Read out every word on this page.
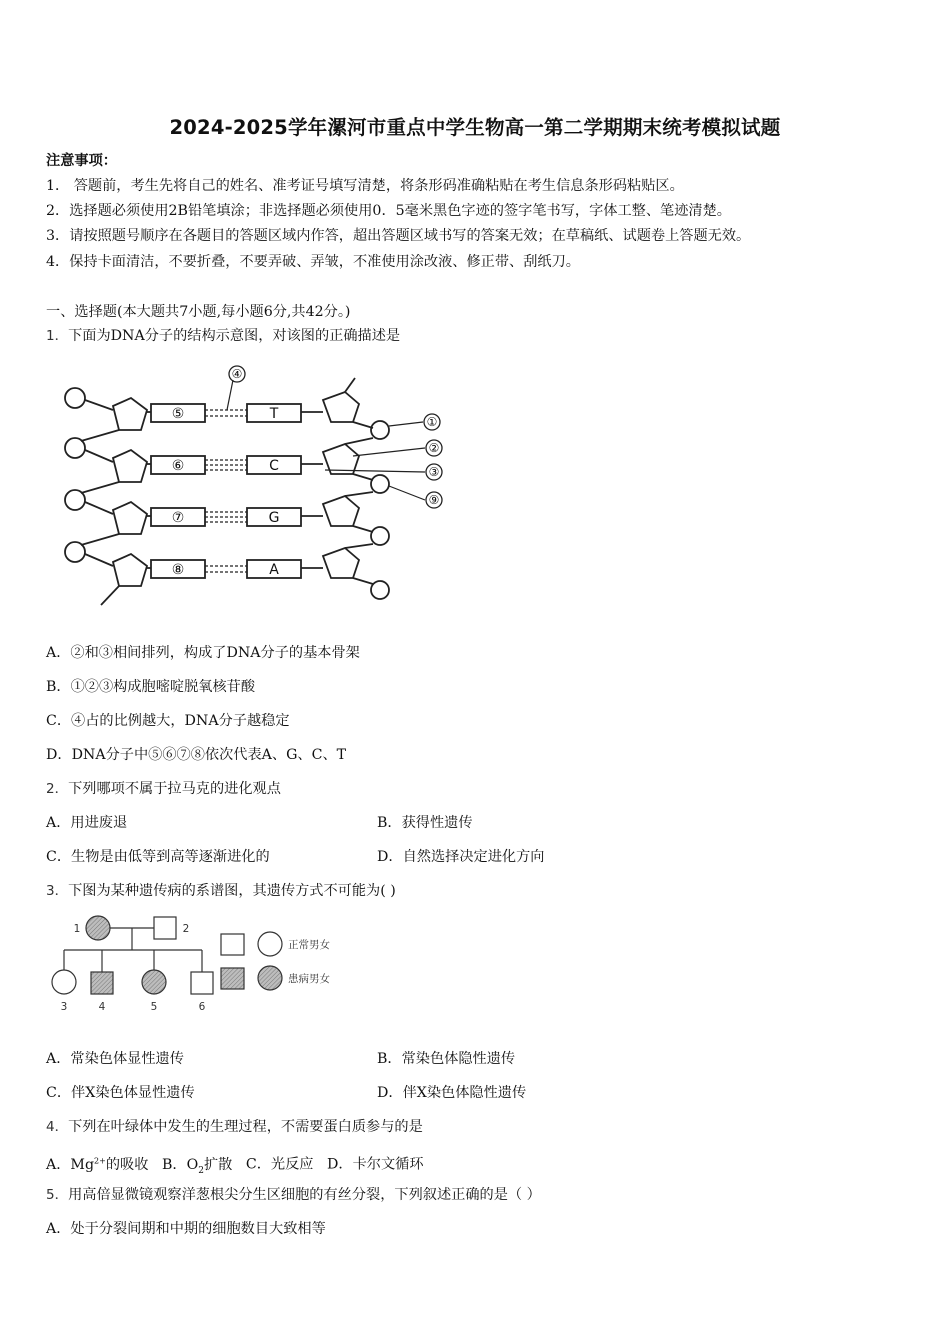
2024-2025学年漯河市重点中学生物高一第二学期期末统考模拟试题
注意事项：
1． 答题前，考生先将自己的姓名、准考证号填写清楚，将条形码准确粘贴在考生信息条形码粘贴区。
2．选择题必须使用2B铅笔填涂；非选择题必须使用0．5毫米黑色字迹的签字笔书写，字体工整、笔迹清楚。
3．请按照题号顺序在各题目的答题区域内作答，超出答题区域书写的答案无效；在草稿纸、试题卷上答题无效。
4．保持卡面清洁，不要折叠，不要弄破、弄皱，不准使用涂改液、修正带、刮纸刀。
一、选择题(本大题共7小题,每小题6分,共42分。)
1．下面为DNA分子的结构示意图，对该图的正确描述是
⑤
⑥
⑦
⑧
T
C
G
A
④
①
②
③
⑨
A．②和③相间排列，构成了DNA分子的基本骨架
B．①②③构成胞嘧啶脱氧核苷酸
C．④占的比例越大，DNA分子越稳定
D．DNA分子中⑤⑥⑦⑧依次代表A、G、C、T
2．下列哪项不属于拉马克的进化观点
A．用进废退	B．获得性遗传
C．生物是由低等到高等逐渐进化的	D．自然选择决定进化方向
3．下图为某种遗传病的系谱图，其遗传方式不可能为( )
1	2
3	4	5	6
正常男女
患病男女
A．常染色体显性遗传	B．常染色体隐性遗传
C．伴X染色体显性遗传	D．伴X染色体隐性遗传
4．下列在叶绿体中发生的生理过程，不需要蛋白质参与的是
A．$Mg^{2+}$的吸收 B．$O_2$扩散 C．光反应 D．卡尔文循环
5．用高倍显微镜观察洋葱根尖分生区细胞的有丝分裂，下列叙述正确的是（ ）
A．处于分裂间期和中期的细胞数目大致相等
